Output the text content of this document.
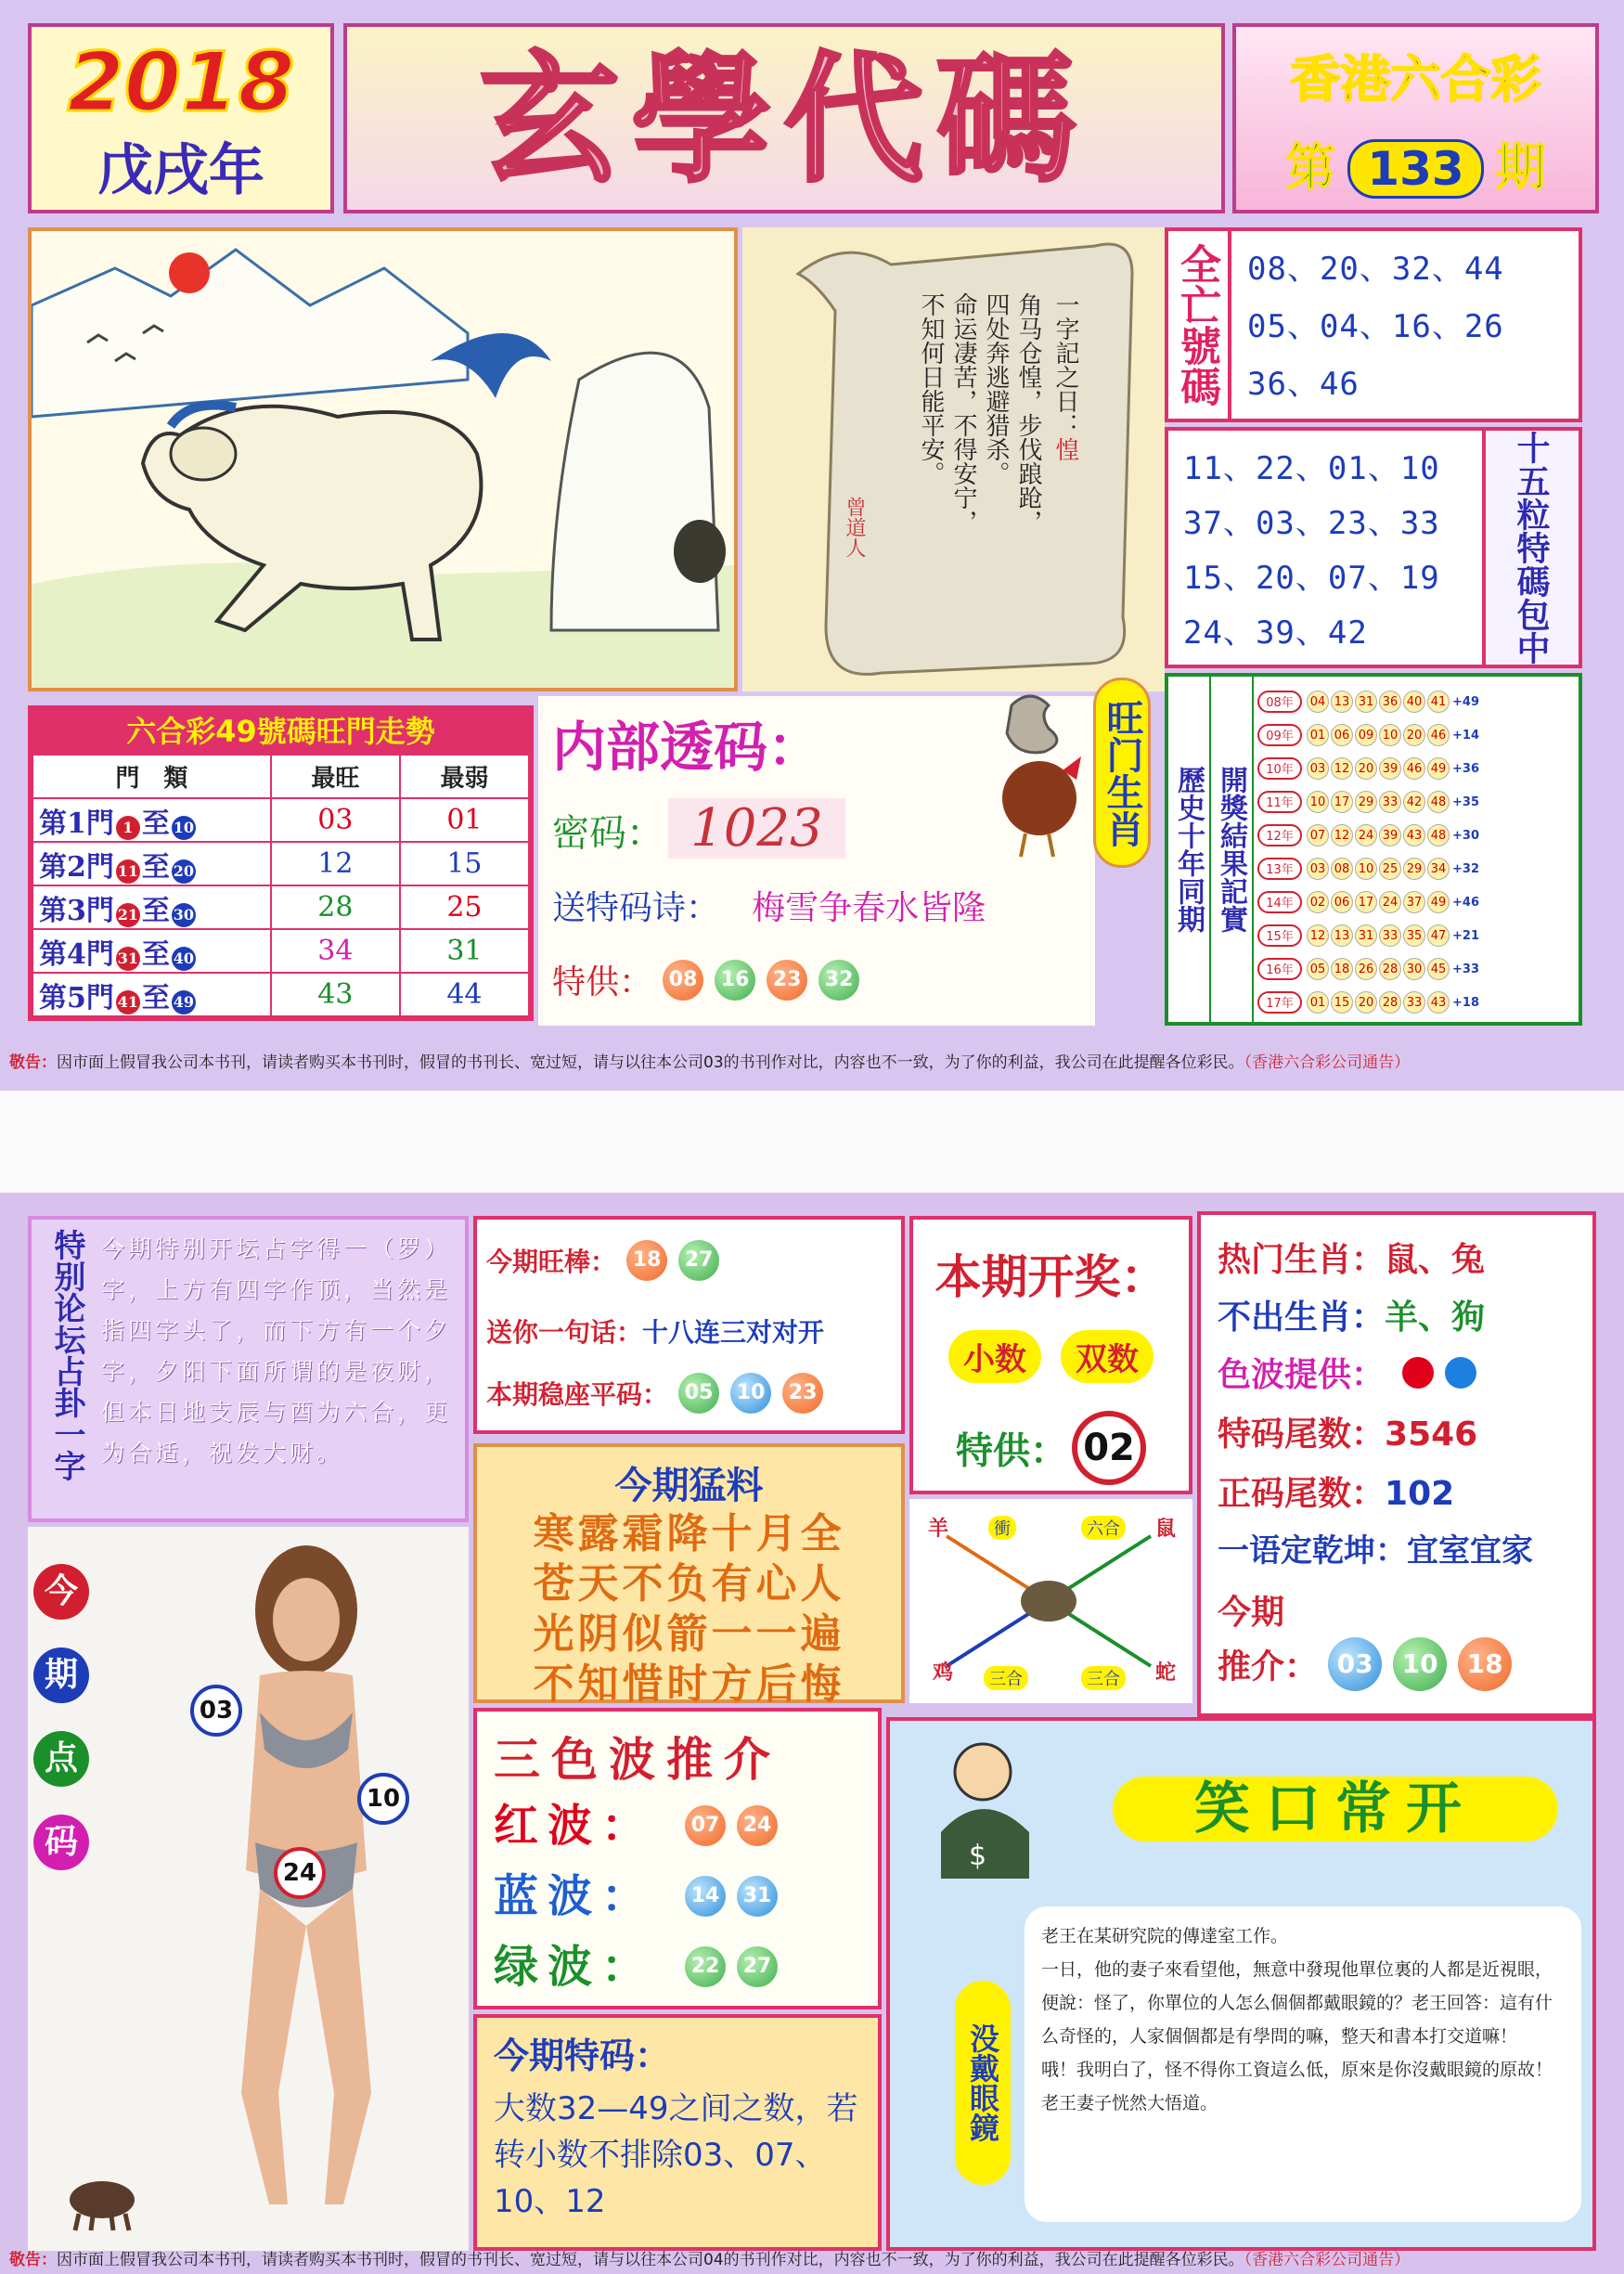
2018
戊戌年	玄學代碼	香港六合彩
第 133 期
一字記之日：惶
角马仓惶，步伐踉跄，
四处奔逃避猎杀。
命运凄苦，不得安宁，
不知何日能平安。
曾道人
全亡號碼 08、20、32、44
05、04、16、26
36、46
11、22、01、10
37、03、23、33
15、20、07、19
24、39、42	十五粒特碼包中
六合彩49號碼旺門走勢
門　類	最旺	最弱
第1門 1 至 10	03	01
第2門 11 至 20	12	15
第3門 21 至 30	28	25
第4門 31 至 40	34	31
第5門 41 至 49	43	44
内部透码：
密码： 1023
送特码诗： 梅雪争春水皆隆
特供： 08 16 23 32
旺门生肖 歷史十年同期 開獎結果記實
08年 04 13 31 36 40 41 +49
09年 01 06 09 10 20 46 +14
10年 03 12 20 39 46 49 +36
11年 10 17 29 33 42 48 +35
12年 07 12 24 39 43 48 +30
13年 03 08 10 25 29 34 +32
14年 02 06 17 24 37 49 +46
15年 12 13 31 33 35 47 +21
16年 05 18 26 28 30 45 +33
17年 01 15 20 28 33 43 +18
敬告：因市面上假冒我公司本书刊，请读者购买本书刊时，假冒的书刊长、宽过短，请与以往本公司03的书刊作对比，内容也不一致，为了你的利益，我公司在此提醒各位彩民。（香港六合彩公司通告）
特别论坛占卦一字 今期特别开坛占字得一（罗）字，上方有四字作顶，当然是指四字头了，而下方有一个夕字，夕阳下面所谓的是夜财，但本日地支辰与酉为六合，更为合适，祝发大财。
今期旺棒： 18 27
送你一句话：十八连三对对开
本期稳座平码： 05 10 23
本期开奖：
小数 双数
特供： 02
热门生肖：鼠、兔
不出生肖：羊、狗
色波提供：
特码尾数：3546
正码尾数：102
一语定乾坤：宜室宜家
今期
推介： 03 10 18
今期猛料
寒露霜降十月全
苍天不负有心人
光阴似箭一一遍
不知惜时方后悔
羊	鼠
鸡	蛇
衝	六合
三合	三合
今
期
点
码
03
10
24
三色波推介
红波： 07 24
蓝波： 14 31
绿波： 22 27
今期特码：
大数32—49之间之数，若转小数不排除03、07、10、12
$
笑口常开
没戴眼鏡
老王在某研究院的傳達室工作。
一日，他的妻子來看望他，無意中發現他單位裏的人都是近視眼，便說：怪了，你單位的人怎么個個都戴眼鏡的？老王回答：這有什么奇怪的，人家個個都是有學問的嘛，整天和書本打交道嘛！
哦！我明白了，怪不得你工資這么低，原來是你沒戴眼鏡的原故！老王妻子恍然大悟道。
敬告：因市面上假冒我公司本书刊，请读者购买本书刊时，假冒的书刊长、宽过短，请与以往本公司04的书刊作对比，内容也不一致，为了你的利益，我公司在此提醒各位彩民。（香港六合彩公司通告）
